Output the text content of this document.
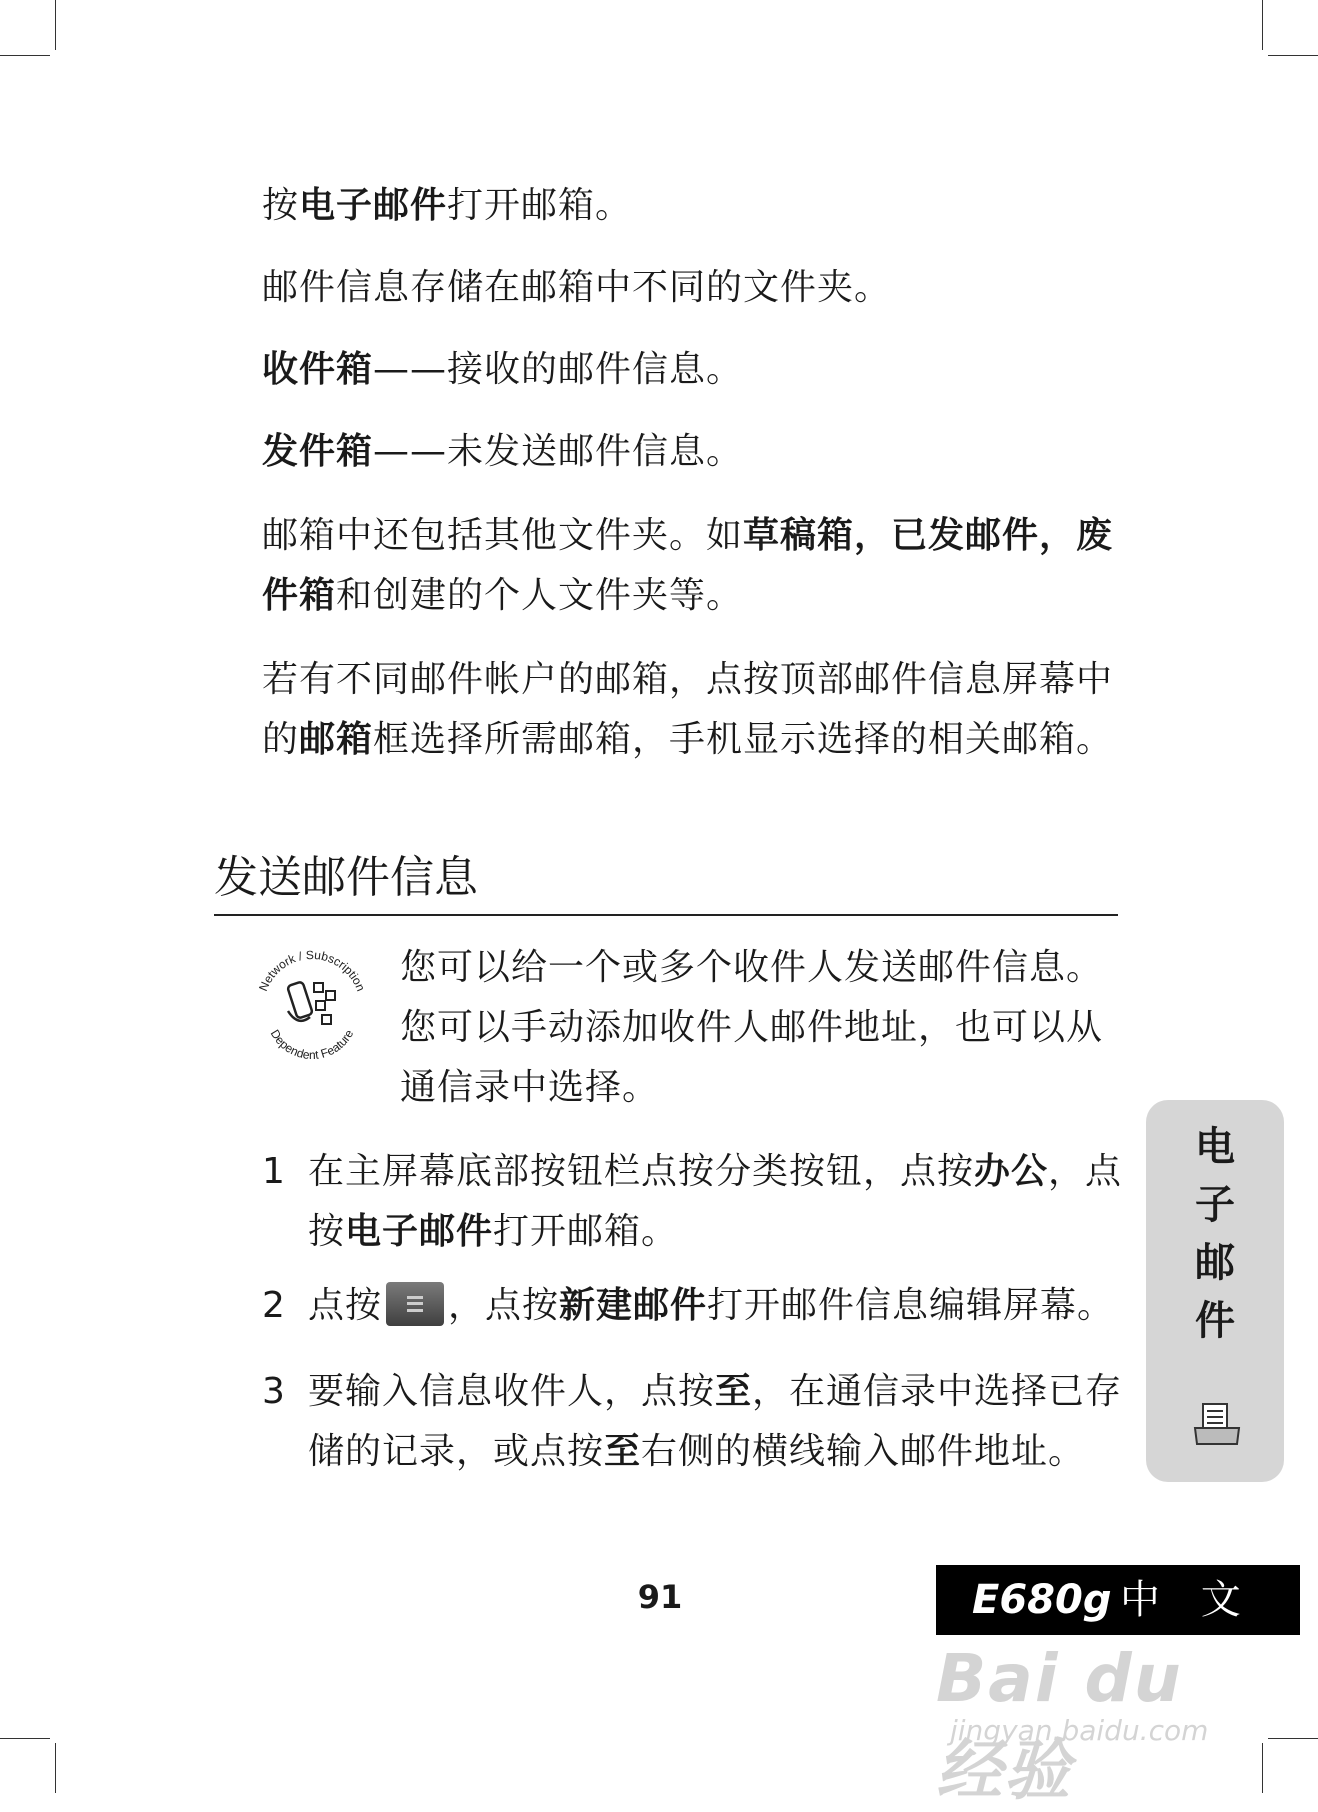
按电子邮件打开邮箱。
邮件信息存储在邮箱中不同的文件夹。
收件箱——接收的邮件信息。
发件箱——未发送邮件信息。
邮箱中还包括其他文件夹。如草稿箱，已发邮件，废件箱和创建的个人文件夹等。
若有不同邮件帐户的邮箱，点按顶部邮件信息屏幕中的邮箱框选择所需邮箱，手机显示选择的相关邮箱。
发送邮件信息
Network / Subscription
Dependent Feature
您可以给一个或多个收件人发送邮件信息。您可以手动添加收件人邮件地址，也可以从通信录中选择。
1 在主屏幕底部按钮栏点按分类按钮，点按办公，点按电子邮件打开邮箱。
2 点按 ，点按新建邮件打开邮件信息编辑屏幕。
3 要输入信息收件人，点按至，在通信录中选择已存储的记录，或点按至右侧的横线输入邮件地址。
电
子
邮
件
91	E680g 中 文
Bai du 经验
jingyan.baidu.com
